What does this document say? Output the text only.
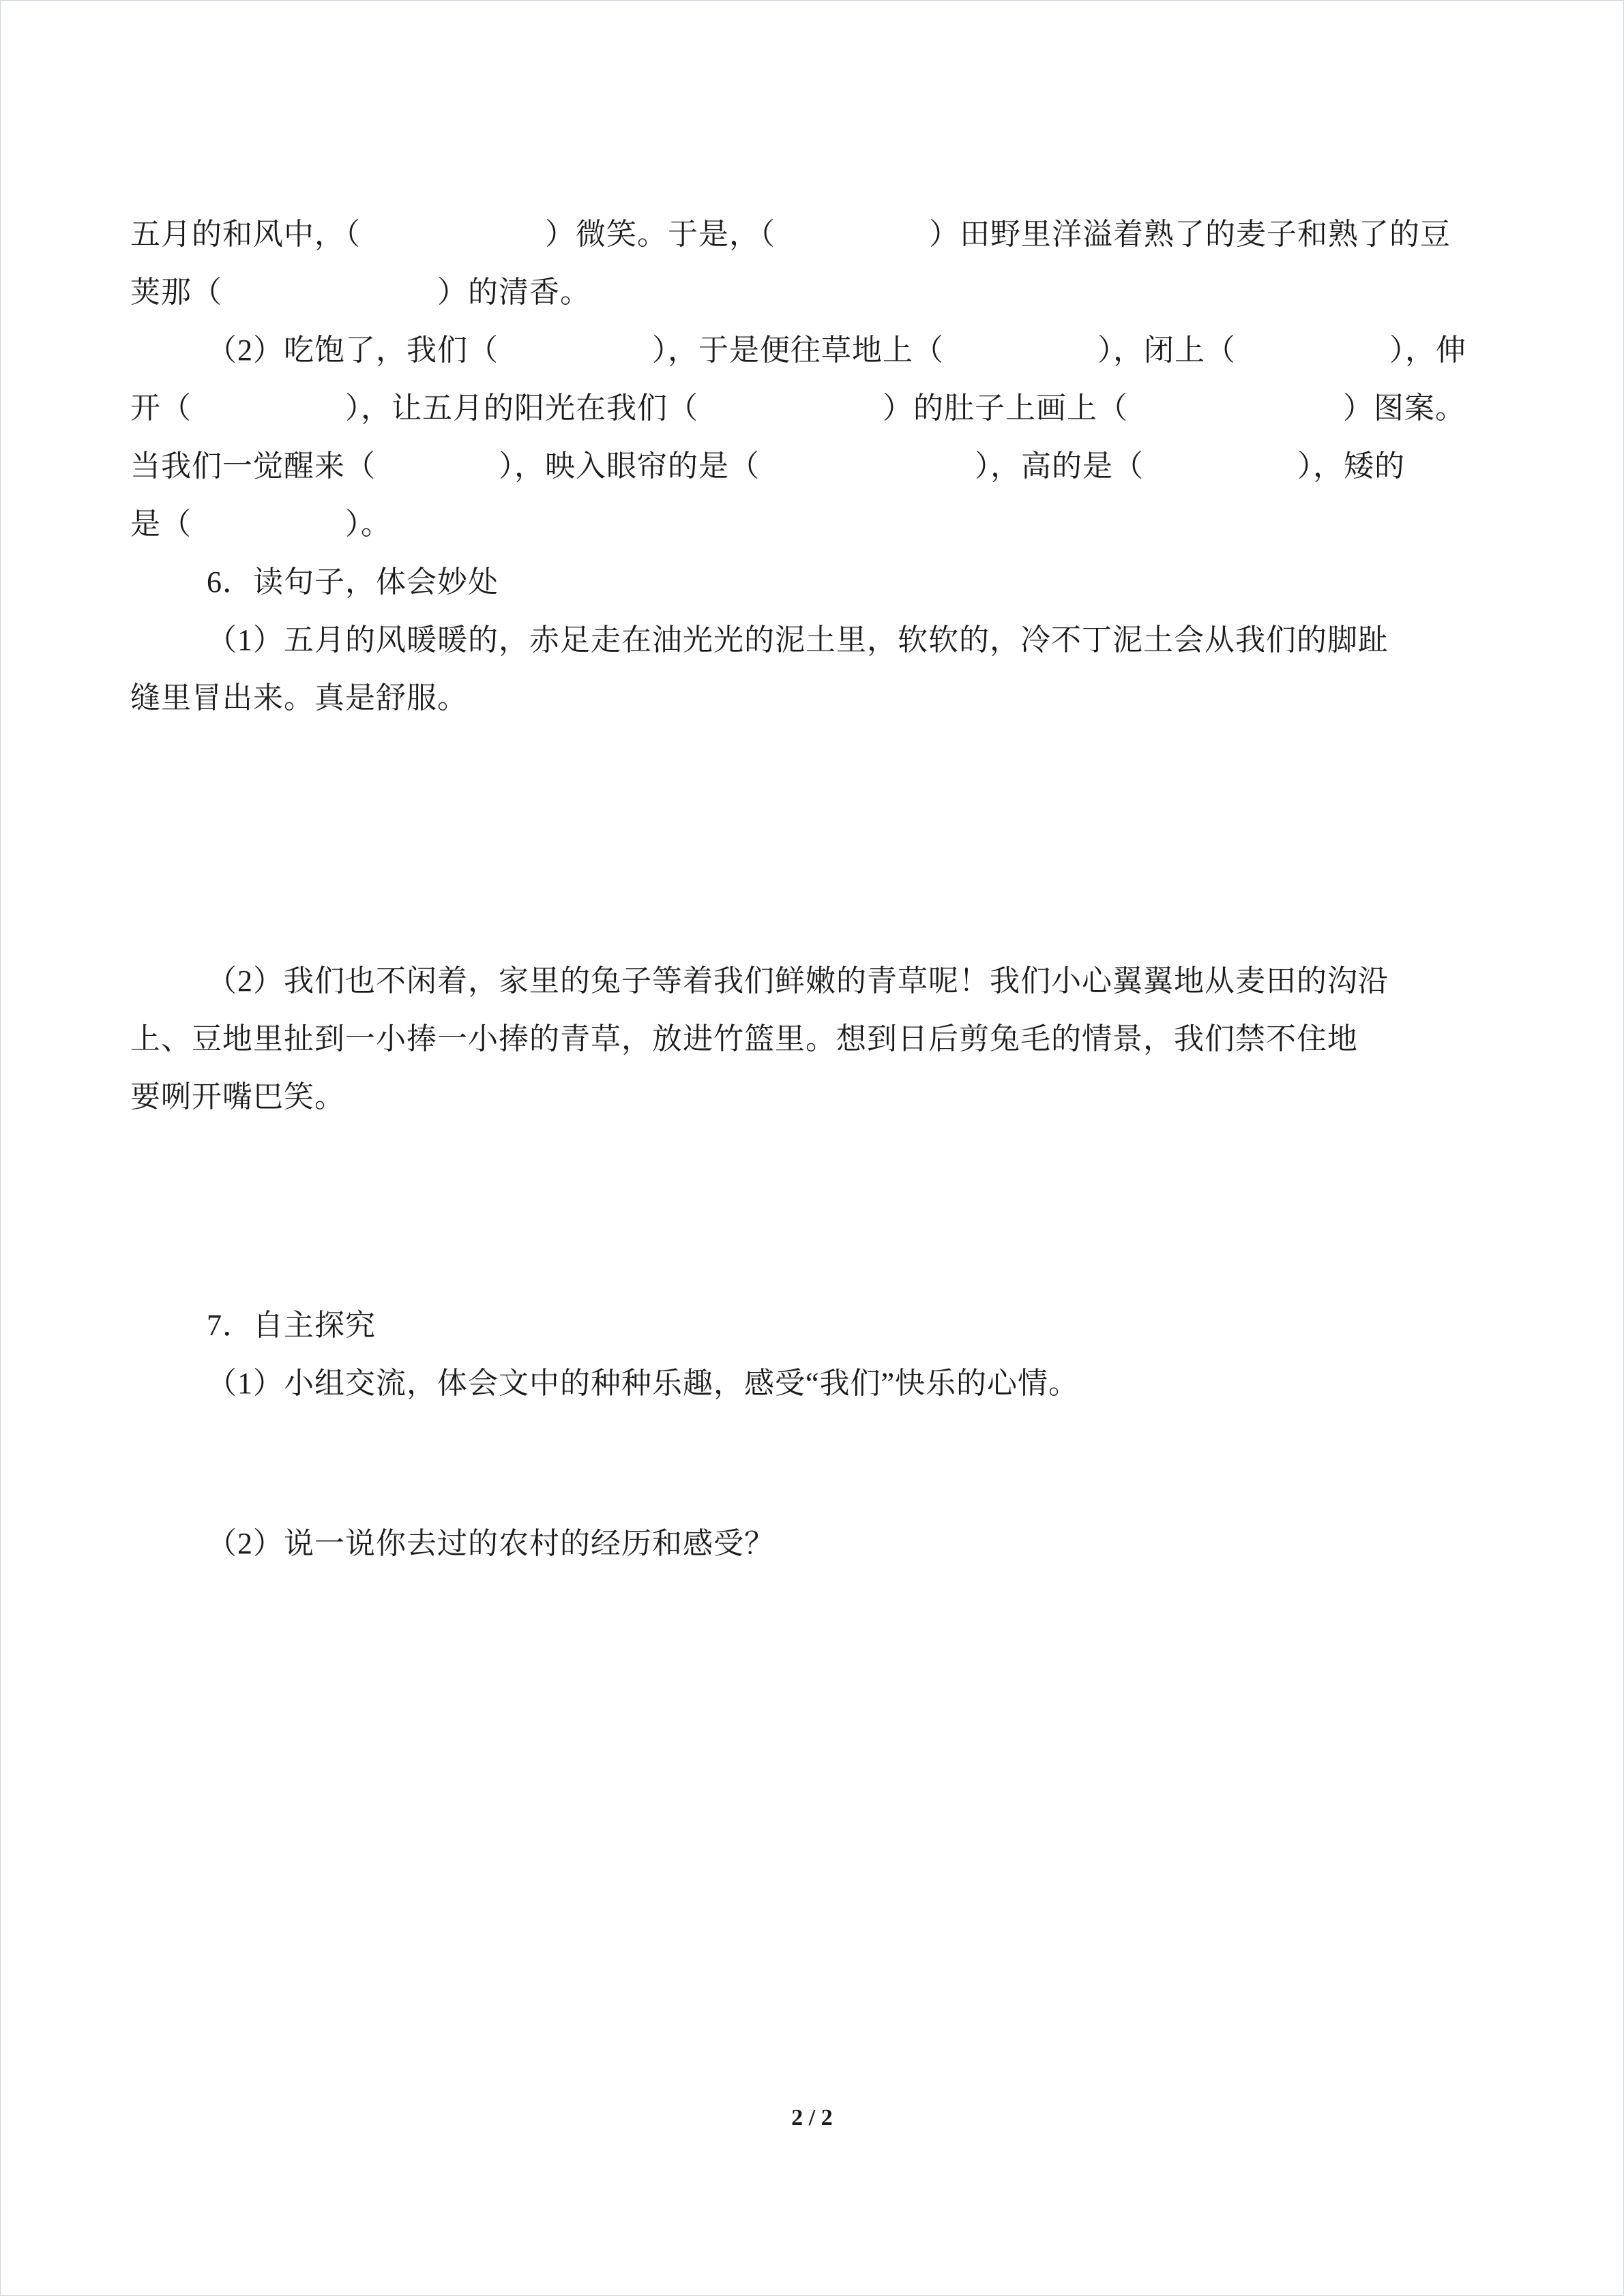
五月的和风中，（　　　　　　）微笑。于是，（　　　　　）田野里洋溢着熟了的麦子和熟了的豆
荚那（　　　　　　　）的清香。
（2）吃饱了，我们（　　　　　），于是便往草地上（　　　　　），闭上（　　　　　），伸
开（　　　　　），让五月的阳光在我们（　　　　　　）的肚子上画上（　　　　　　　）图案。
当我们一觉醒来（　　　　），映入眼帘的是（　　　　　　　），高的是（　　　　　），矮的
是（　　　　　）。
6．读句子，体会妙处
（1）五月的风暖暖的，赤足走在油光光的泥土里，软软的，冷不丁泥土会从我们的脚趾
缝里冒出来。真是舒服。
（2）我们也不闲着，家里的兔子等着我们鲜嫩的青草呢！我们小心翼翼地从麦田的沟沿
上、豆地里扯到一小捧一小捧的青草，放进竹篮里。想到日后剪兔毛的情景，我们禁不住地
要咧开嘴巴笑。
7．自主探究
（1）小组交流，体会文中的种种乐趣，感受“我们”快乐的心情。
（2）说一说你去过的农村的经历和感受？
2 / 2
